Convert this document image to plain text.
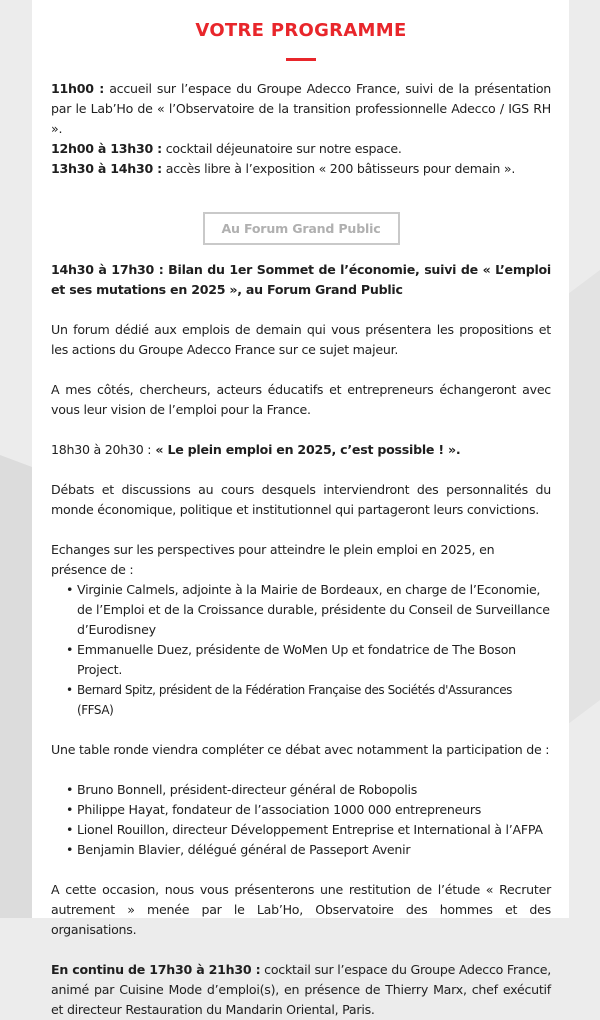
VOTRE PROGRAMME

11h00 : accueil sur l’espace du Groupe Adecco France, suivi de la présentation par le Lab’Ho de « l’Observatoire de la transition professionnelle Adecco / IGS RH ».

12h00 à 13h30 : cocktail déjeunatoire sur notre espace.

13h30 à 14h30 : accès libre à l’exposition « 200 bâtisseurs pour demain ».

Au Forum Grand Public

14h30 à 17h30 : Bilan du 1er Sommet de l’économie, suivi de « L’emploi et ses mutations en 2025 », au Forum Grand Public

Un forum dédié aux emplois de demain qui vous présentera les propositions et les actions du Groupe Adecco France sur ce sujet majeur.

A mes côtés, chercheurs, acteurs éducatifs et entrepreneurs échangeront avec vous leur vision de l’emploi pour la France.

18h30 à 20h30 : « Le plein emploi en 2025, c’est possible ! ».

Débats et discussions au cours desquels interviendront des personnalités du monde économique, politique et institutionnel qui partageront leurs convictions.

Echanges sur les perspectives pour atteindre le plein emploi en 2025, en présence de :

• Virginie Calmels, adjointe à la Mairie de Bordeaux, en charge de l’Economie, de l’Emploi et de la Croissance durable, présidente du Conseil de Surveillance d’Eurodisney
• Emmanuelle Duez, présidente de WoMen Up et fondatrice de The Boson Project.
• Bernard Spitz, président de la Fédération Française des Sociétés d'Assurances (FFSA)

Une table ronde viendra compléter ce débat avec notamment la participation de :

• Bruno Bonnell, président-directeur général de Robopolis
• Philippe Hayat, fondateur de l’association 1000 000 entrepreneurs
• Lionel Rouillon, directeur Développement Entreprise et International à l’AFPA
• Benjamin Blavier, délégué général de Passeport Avenir

A cette occasion, nous vous présenterons une restitution de l’étude « Recruter autrement » menée par le Lab’Ho, Observatoire des hommes et des organisations.

En continu de 17h30 à 21h30 : cocktail sur l’espace du Groupe Adecco France, animé par Cuisine Mode d’emploi(s), en présence de Thierry Marx, chef exécutif et directeur Restauration du Mandarin Oriental, Paris.
